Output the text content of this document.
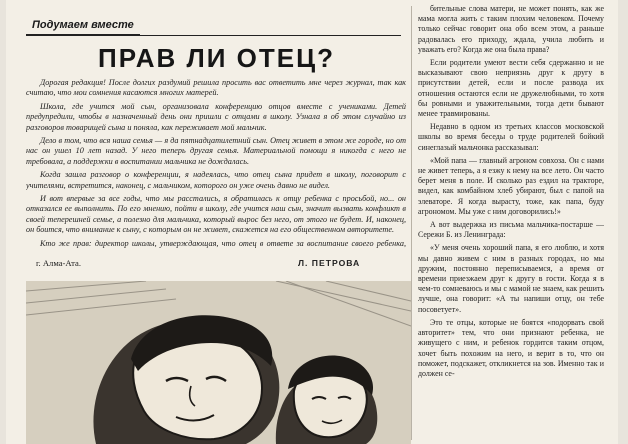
Подумаем вместе
ПРАВ ЛИ ОТЕЦ?

Дорогая редакция! После долгих раздумий решила просить вас ответить мне через журнал, так как считаю, что мои сомнения касаются многих матерей.

Школа, где учится мой сын, организовала конференцию отцов вместе с учениками. Детей предупредили, чтобы в назначенный день они пришли с отцами в школу. Узнала я об этом случайно из разговоров товарищей сына и поняла, как переживает мой мальчик.

Дело в том, что вся наша семья — я да пятнадцатилетний сын. Отец живет в этом же городе, но от нас он ушел 10 лет назад. У него теперь другая семья. Материальной помощи я никогда с него не требовала, а поддержки в воспитании мальчика не дождалась.

Когда зашла разговор о конференции, я надеялась, что отец сына придет в школу, поговорит с учителями, встретится, наконец, с мальчиком, которого он уже очень давно не видел.

И вот впервые за все годы, что мы расстались, я обратилась к отцу ребенка с просьбой, но... он отказался ее выполнить. По его мнению, пойти в школу, где учится наш сын, значит вызвать конфликт в своей теперешней семье, а полезно для мальчика, который вырос без него, от этого не будет. И, наконец, он боится, что внимание к сыну, с которым он не живет, скажется на его общественном авторитете.

Кто же прав: директор школы, утверждающая, что отец в ответе за воспитание своего ребенка,

г. Алма-Ата.	Л. ПЕТРОВА

бительные слова матери, не может понять, как же мама могла жить с таким плохим человеком. Почему только сейчас говорит она обо всем этом, а раньше радовалась его приходу, ждала, учила любить и уважать его? Когда же она была права?

Если родители умеют вести себя сдержанно и не высказывают свою неприязнь друг к другу в присутствии детей, если и после развода их отношения остаются если не дружелюбными, то хотя бы ровными и уважительными, тогда дети бывают менее травмированы.

Недавно в одном из третьих классов московской школы во время беседы о труде родителей бойкий синеглазый мальчонка рассказывал:

«Мой папа — главный агроном совхоза. Он с нами не живет теперь, а я езжу к нему на все лето. Он часто берет меня в поле. И сколько раз ездил на тракторе, видел, как комбайном хлеб убирают, был с папой на элеваторе. Я когда вырасту, тоже, как папа, буду агрономом. Мы уже с ним договорились!»

А вот выдержка из письма мальчика-постарше — Сережи Б. из Ленинграда:

«У меня очень хороший папа, я его люблю, и хотя мы давно живем с ним в разных городах, но мы дружим, постоянно переписываемся, а время от времени приезжаем друг к другу в гости. Когда я в чем-то сомневаюсь и мы с мамой не знаем, как решить лучше, она говорит: «А ты напиши отцу, он тебе посоветует».

Это те отцы, которые не боятся «подорвать свой авторитет» тем, что они признают ребенка, не живущего с ним, и ребенок гордится таким отцом, хочет быть похожим на него, и верит в то, что он поможет, подскажет, откликнется на зов. Именно так и должен се-
